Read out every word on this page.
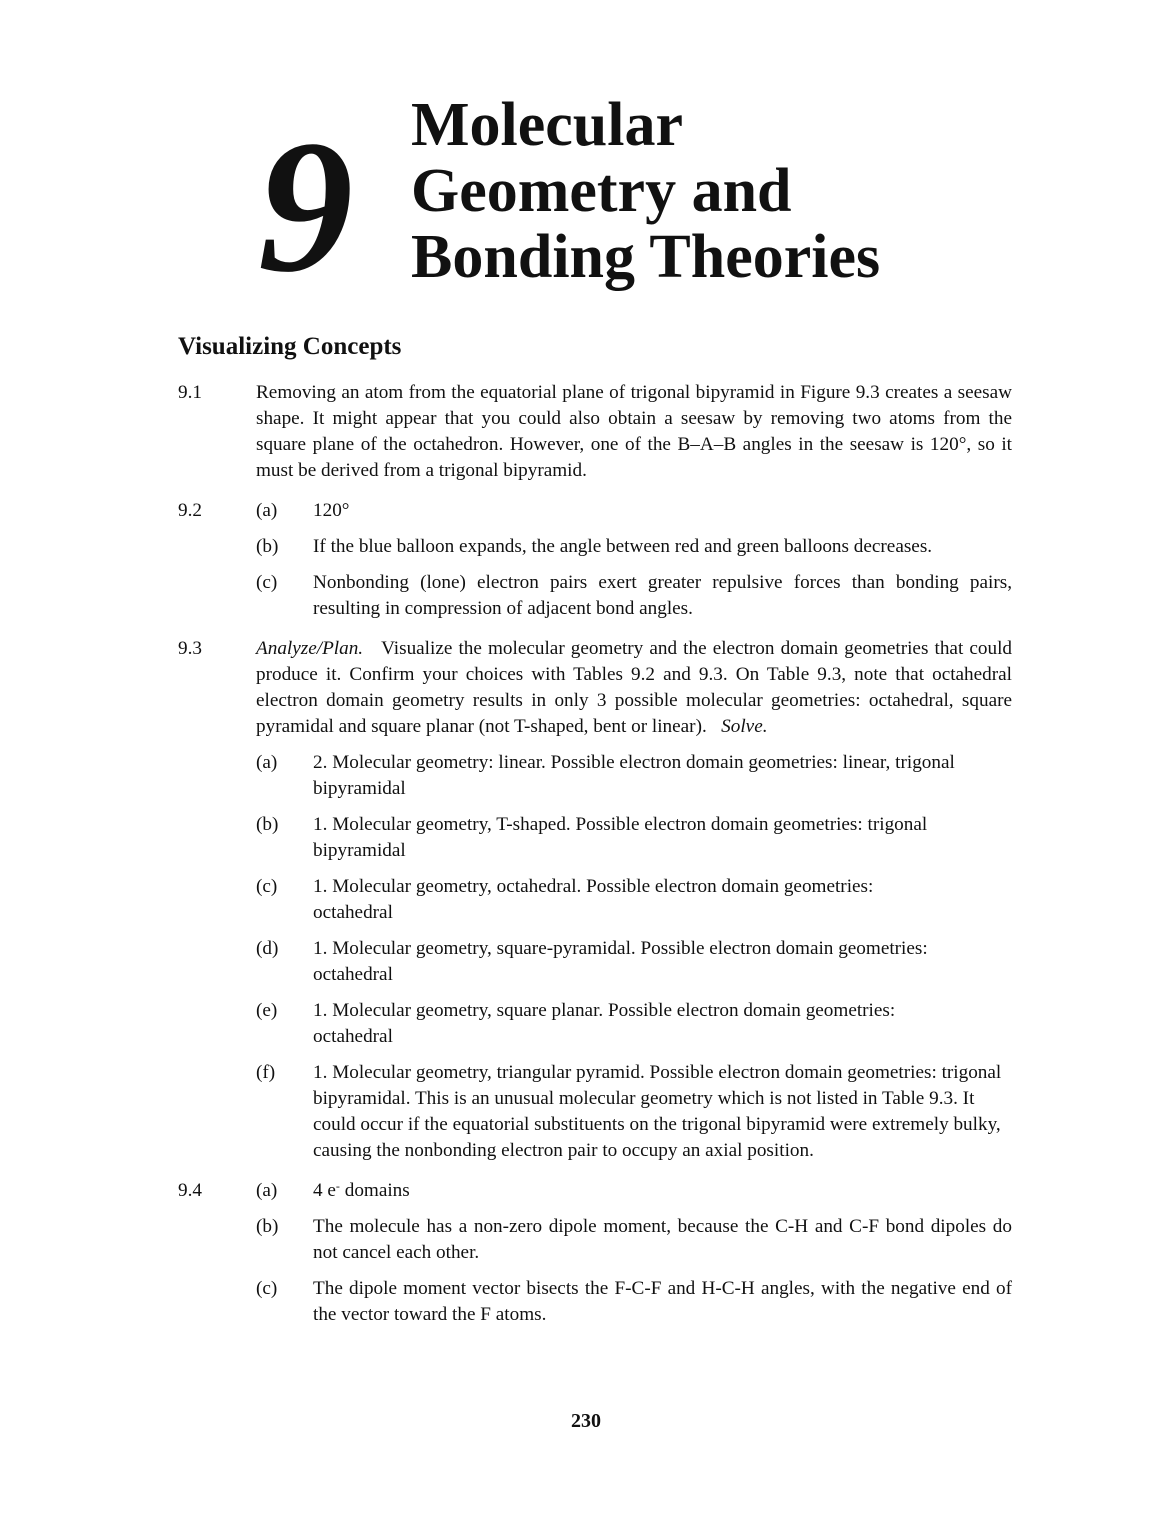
9 Molecular
Geometry and
Bonding Theories
Visualizing Concepts
9.1	Removing an atom from the equatorial plane of trigonal bipyramid in Figure 9.3 creates a seesaw shape. It might appear that you could also obtain a seesaw by removing two atoms from the square plane of the octahedron. However, one of the B–A–B angles in the seesaw is 120°, so it must be derived from a trigonal bipyramid.
9.2	(a) 120°
(b) If the blue balloon expands, the angle between red and green balloons decreases.
(c) Nonbonding (lone) electron pairs exert greater repulsive forces than bonding pairs, resulting in compression of adjacent bond angles.
9.3	Analyze/Plan. Visualize the molecular geometry and the electron domain geometries that could produce it. Confirm your choices with Tables 9.2 and 9.3. On Table 9.3, note that octahedral electron domain geometry results in only 3 possible molecular geometries: octahedral, square pyramidal and square planar (not T-shaped, bent or linear). Solve.
(a) 2. Molecular geometry: linear. Possible electron domain geometries: linear, trigonal bipyramidal
(b) 1. Molecular geometry, T-shaped. Possible electron domain geometries: trigonal bipyramidal
(c) 1. Molecular geometry, octahedral. Possible electron domain geometries: octahedral
(d) 1. Molecular geometry, square-pyramidal. Possible electron domain geometries: octahedral
(e) 1. Molecular geometry, square planar. Possible electron domain geometries: octahedral
(f) 1. Molecular geometry, triangular pyramid. Possible electron domain geometries: trigonal bipyramidal. This is an unusual molecular geometry which is not listed in Table 9.3. It could occur if the equatorial substituents on the trigonal bipyramid were extremely bulky, causing the nonbonding electron pair to occupy an axial position.
9.4	(a) 4 e- domains
(b) The molecule has a non-zero dipole moment, because the C-H and C-F bond dipoles do not cancel each other.
(c) The dipole moment vector bisects the F-C-F and H-C-H angles, with the negative end of the vector toward the F atoms.
230
